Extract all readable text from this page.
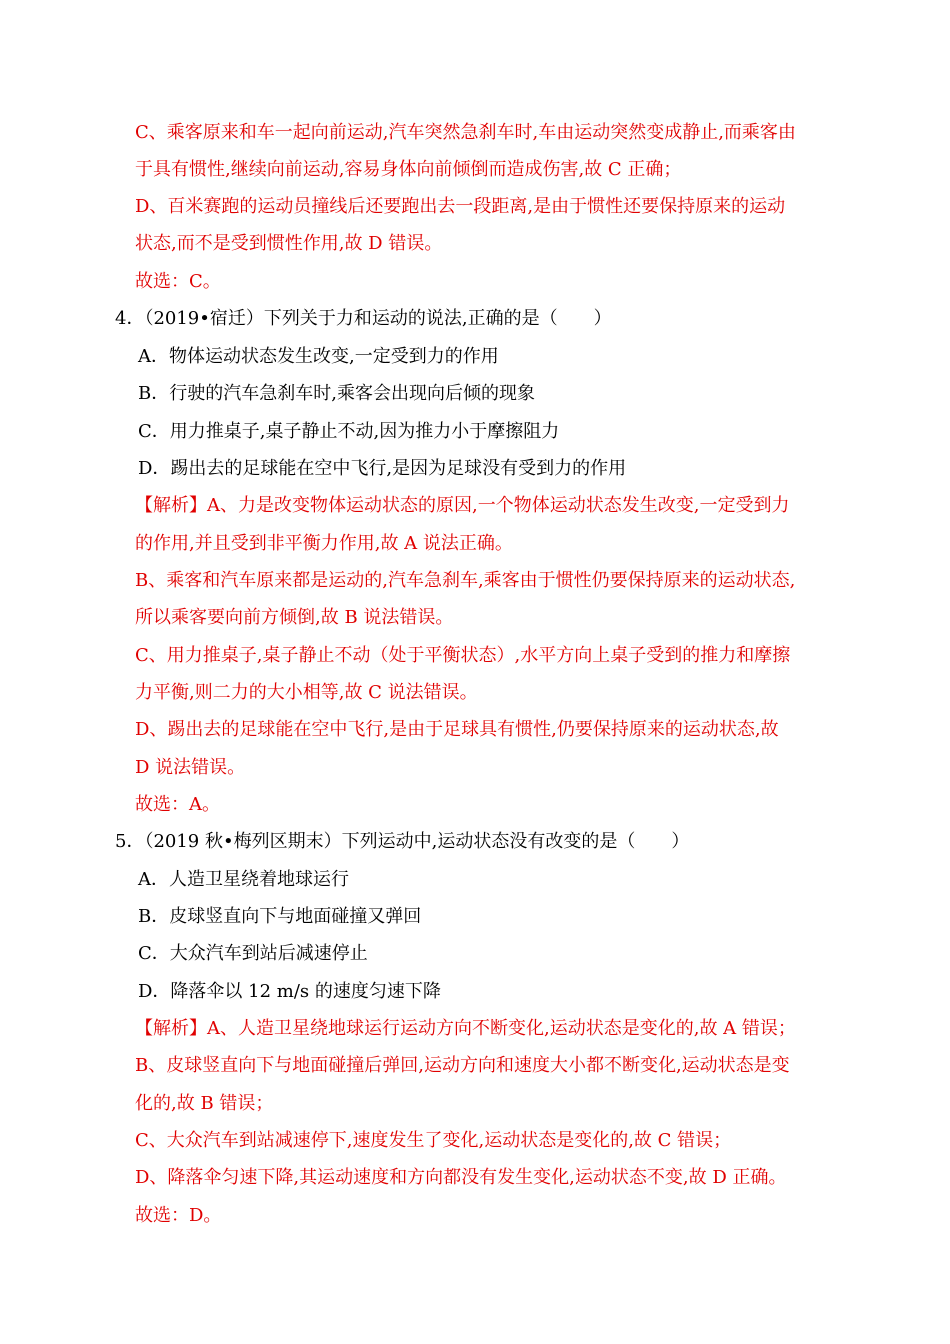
C、乘客原来和车一起向前运动,汽车突然急刹车时,车由运动突然变成静止,而乘客由
于具有惯性,继续向前运动,容易身体向前倾倒而造成伤害,故 C 正确；
D、百米赛跑的运动员撞线后还要跑出去一段距离,是由于惯性还要保持原来的运动
状态,而不是受到惯性作用,故 D 错误。
故选：C。
4．（2019•宿迁）下列关于力和运动的说法,正确的是（　　）
A．物体运动状态发生改变,一定受到力的作用
B．行驶的汽车急刹车时,乘客会出现向后倾的现象
C．用力推桌子,桌子静止不动,因为推力小于摩擦阻力
D．踢出去的足球能在空中飞行,是因为足球没有受到力的作用
【解析】A、力是改变物体运动状态的原因,一个物体运动状态发生改变,一定受到力
的作用,并且受到非平衡力作用,故 A 说法正确。
B、乘客和汽车原来都是运动的,汽车急刹车,乘客由于惯性仍要保持原来的运动状态,
所以乘客要向前方倾倒,故 B 说法错误。
C、用力推桌子,桌子静止不动（处于平衡状态）,水平方向上桌子受到的推力和摩擦
力平衡,则二力的大小相等,故 C 说法错误。
D、踢出去的足球能在空中飞行,是由于足球具有惯性,仍要保持原来的运动状态,故
D 说法错误。
故选：A。
5．（2019 秋•梅列区期末）下列运动中,运动状态没有改变的是（　　）
A．人造卫星绕着地球运行
B．皮球竖直向下与地面碰撞又弹回
C．大众汽车到站后减速停止
D．降落伞以 12 m/s 的速度匀速下降
【解析】A、人造卫星绕地球运行运动方向不断变化,运动状态是变化的,故 A 错误；
B、皮球竖直向下与地面碰撞后弹回,运动方向和速度大小都不断变化,运动状态是变
化的,故 B 错误；
C、大众汽车到站减速停下,速度发生了变化,运动状态是变化的,故 C 错误；
D、降落伞匀速下降,其运动速度和方向都没有发生变化,运动状态不变,故 D 正确。
故选：D。
